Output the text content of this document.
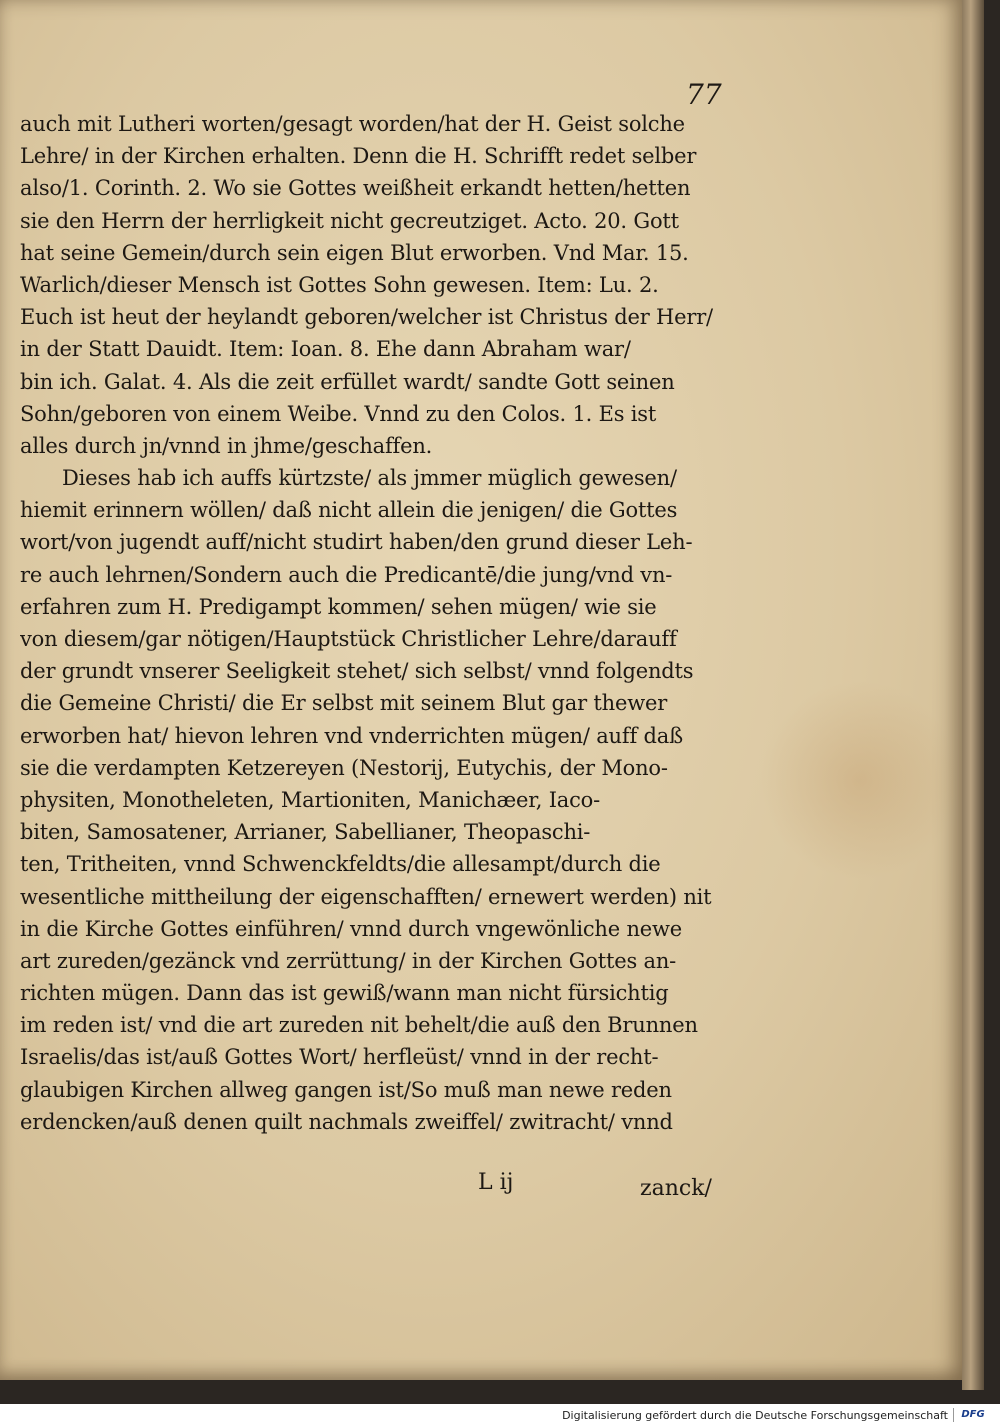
77
auch mit Lutheri worten/gesagt worden/hat der H. Geist solche
Lehre/ in der Kirchen erhalten. Denn die H. Schrifft redet selber
also/1. Corinth. 2. Wo sie Gottes weißheit erkandt hetten/hetten
sie den Herrn der herrligkeit nicht gecreutziget. Acto. 20. Gott
hat seine Gemein/durch sein eigen Blut erworben. Vnd Mar. 15.
Warlich/dieser Mensch ist Gottes Sohn gewesen. Item: Lu. 2.
Euch ist heut der heylandt geboren/welcher ist Christus der Herr/
in der Statt Dauidt. Item: Ioan. 8. Ehe dann Abraham war/
bin ich. Galat. 4. Als die zeit erfüllet wardt/ sandte Gott seinen
Sohn/geboren von einem Weibe. Vnnd zu den Colos. 1. Es ist
alles durch jn/vnnd in jhme/geschaffen.
Dieses hab ich auffs kürtzste/ als jmmer müglich gewesen/
hiemit erinnern wöllen/ daß nicht allein die jenigen/ die Gottes
wort/von jugendt auff/nicht studirt haben/den grund dieser Leh-
re auch lehrnen/Sondern auch die Predicantē/die jung/vnd vn-
erfahren zum H. Predigampt kommen/ sehen mügen/ wie sie
von diesem/gar nötigen/Hauptstück Christlicher Lehre/darauff
der grundt vnserer Seeligkeit stehet/ sich selbst/ vnnd folgendts
die Gemeine Christi/ die Er selbst mit seinem Blut gar thewer
erworben hat/ hievon lehren vnd vnderrichten mügen/ auff daß
sie die verdampten Ketzereyen (Nestorij, Eutychis, der Mono-
physiten, Monotheleten, Martioniten, Manichæer, Iaco-
biten, Samosatener, Arrianer, Sabellianer, Theopaschi-
ten, Tritheiten, vnnd Schwenckfeldts/die allesampt/durch die
wesentliche mittheilung der eigenschafften/ ernewert werden) nit
in die Kirche Gottes einführen/ vnnd durch vngewönliche newe
art zureden/gezänck vnd zerrüttung/ in der Kirchen Gottes an-
richten mügen. Dann das ist gewiß/wann man nicht fürsichtig
im reden ist/ vnd die art zureden nit behelt/die auß den Brunnen
Israelis/das ist/auß Gottes Wort/ herfleüst/ vnnd in der recht-
glaubigen Kirchen allweg gangen ist/So muß man newe reden
erdencken/auß denen quilt nachmals zweiffel/ zwitracht/ vnnd
L ij	zanck/
Digitalisierung gefördert durch die Deutsche Forschungsgemeinschaft	DFG
